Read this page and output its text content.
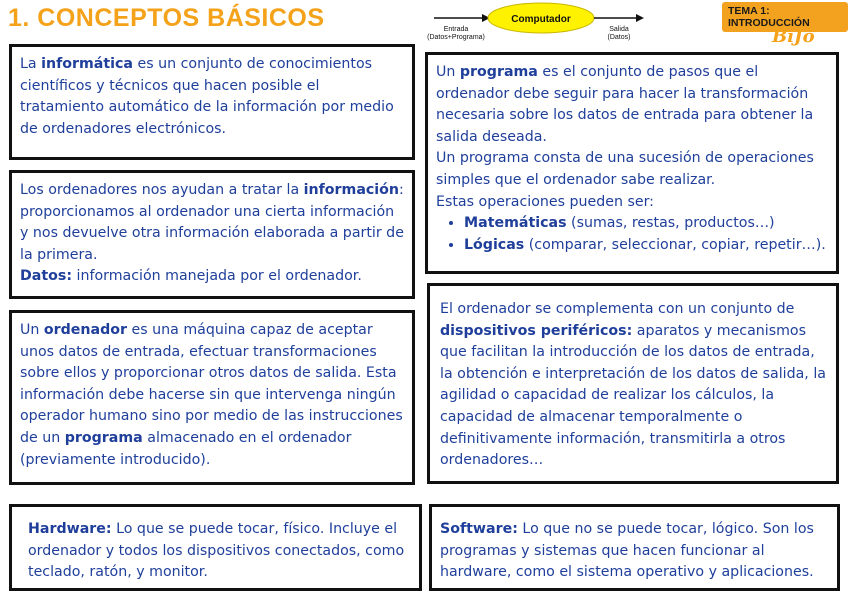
1. CONCEPTOS BÁSICOS	Computador
Entrada
(Datos+Programa)
Salida
(Datos)
TEMA 1: INTRODUCCIÓN
BiJo

La informática es un conjunto de conocimientos científicos y técnicos que hacen posible el tratamiento automático de la información por medio de ordenadores electrónicos.

Los ordenadores nos ayudan a tratar la información: proporcionamos al ordenador una cierta información y nos devuelve otra información elaborada a partir de la primera.

Datos: información manejada por el ordenador.

Un ordenador es una máquina capaz de aceptar unos datos de entrada, efectuar transformaciones sobre ellos y proporcionar otros datos de salida. Esta información debe hacerse sin que intervenga ningún operador humano sino por medio de las instrucciones de un programa almacenado en el ordenador (previamente introducido).

Hardware: Lo que se puede tocar, físico. Incluye el ordenador y todos los dispositivos conectados, como teclado, ratón, y monitor.

Un programa es el conjunto de pasos que el ordenador debe seguir para hacer la transformación necesaria sobre los datos de entrada para obtener la salida deseada.

Un programa consta de una sucesión de operaciones simples que el ordenador sabe realizar.

Estas operaciones pueden ser:

• Matemáticas (sumas, restas, productos…)
• Lógicas (comparar, seleccionar, copiar, repetir…).

El ordenador se complementa con un conjunto de dispositivos periféricos: aparatos y mecanismos que facilitan la introducción de los datos de entrada, la obtención e interpretación de los datos de salida, la agilidad o capacidad de realizar los cálculos, la capacidad de almacenar temporalmente o definitivamente información, transmitirla a otros ordenadores…

Software: Lo que no se puede tocar, lógico. Son los programas y sistemas que hacen funcionar al hardware, como el sistema operativo y aplicaciones.
